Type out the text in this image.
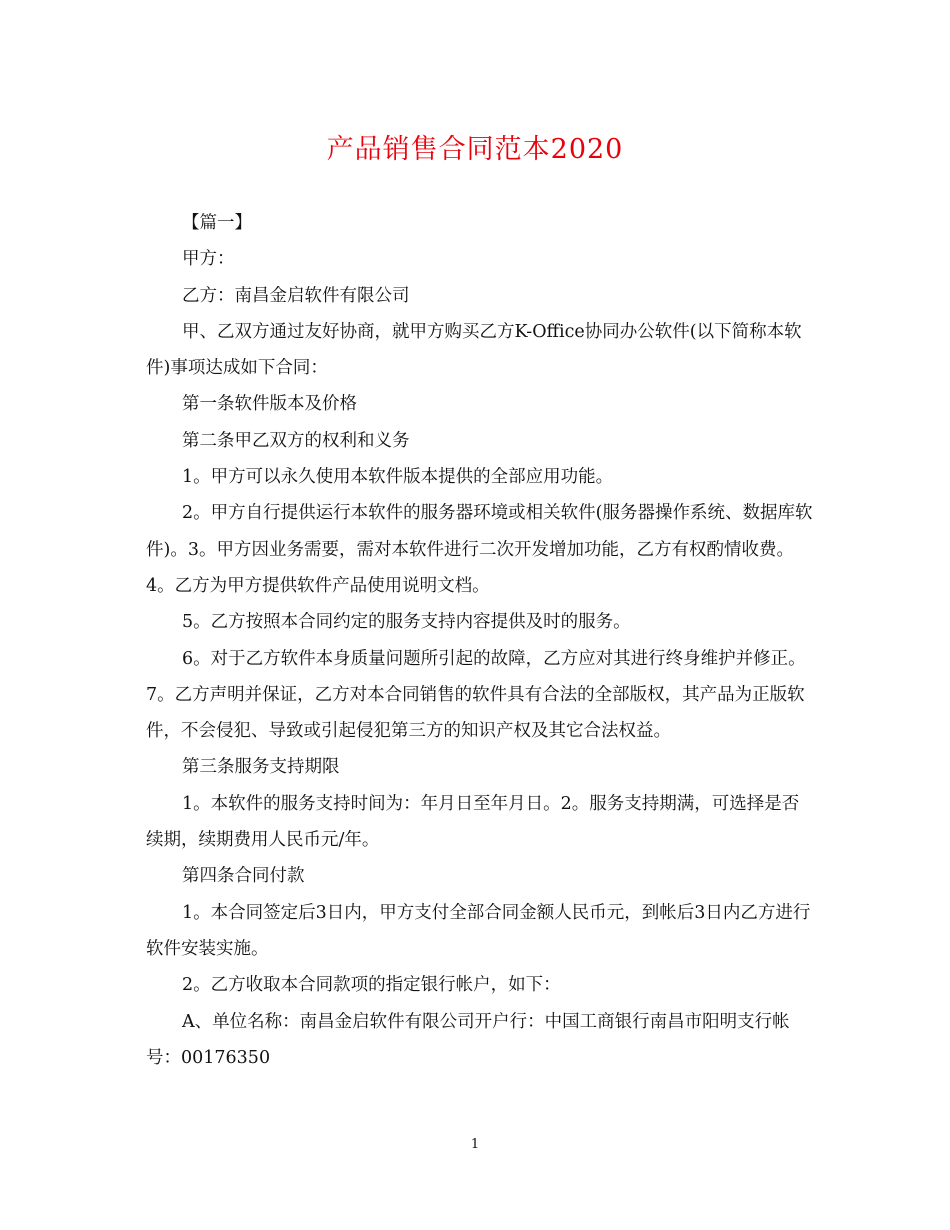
产品销售合同范本2020

【篇一】

甲方：

乙方：南昌金启软件有限公司

甲、乙双方通过友好协商，就甲方购买乙方K-Office协同办公软件(以下简称本软件)事项达成如下合同：

第一条软件版本及价格

第二条甲乙双方的权利和义务

1。甲方可以永久使用本软件版本提供的全部应用功能。

2。甲方自行提供运行本软件的服务器环境或相关软件(服务器操作系统、数据库软件)。3。甲方因业务需要，需对本软件进行二次开发增加功能，乙方有权酌情收费。4。乙方为甲方提供软件产品使用说明文档。

5。乙方按照本合同约定的服务支持内容提供及时的服务。

6。对于乙方软件本身质量问题所引起的故障，乙方应对其进行终身维护并修正。7。乙方声明并保证，乙方对本合同销售的软件具有合法的全部版权，其产品为正版软件，不会侵犯、导致或引起侵犯第三方的知识产权及其它合法权益。

第三条服务支持期限

1。本软件的服务支持时间为：年月日至年月日。2。服务支持期满，可选择是否续期，续期费用人民币元/年。

第四条合同付款

1。本合同签定后3日内，甲方支付全部合同金额人民币元，到帐后3日内乙方进行软件安装实施。

2。乙方收取本合同款项的指定银行帐户，如下：

A、单位名称：南昌金启软件有限公司开户行：中国工商银行南昌市阳明支行帐号：00176350

1
